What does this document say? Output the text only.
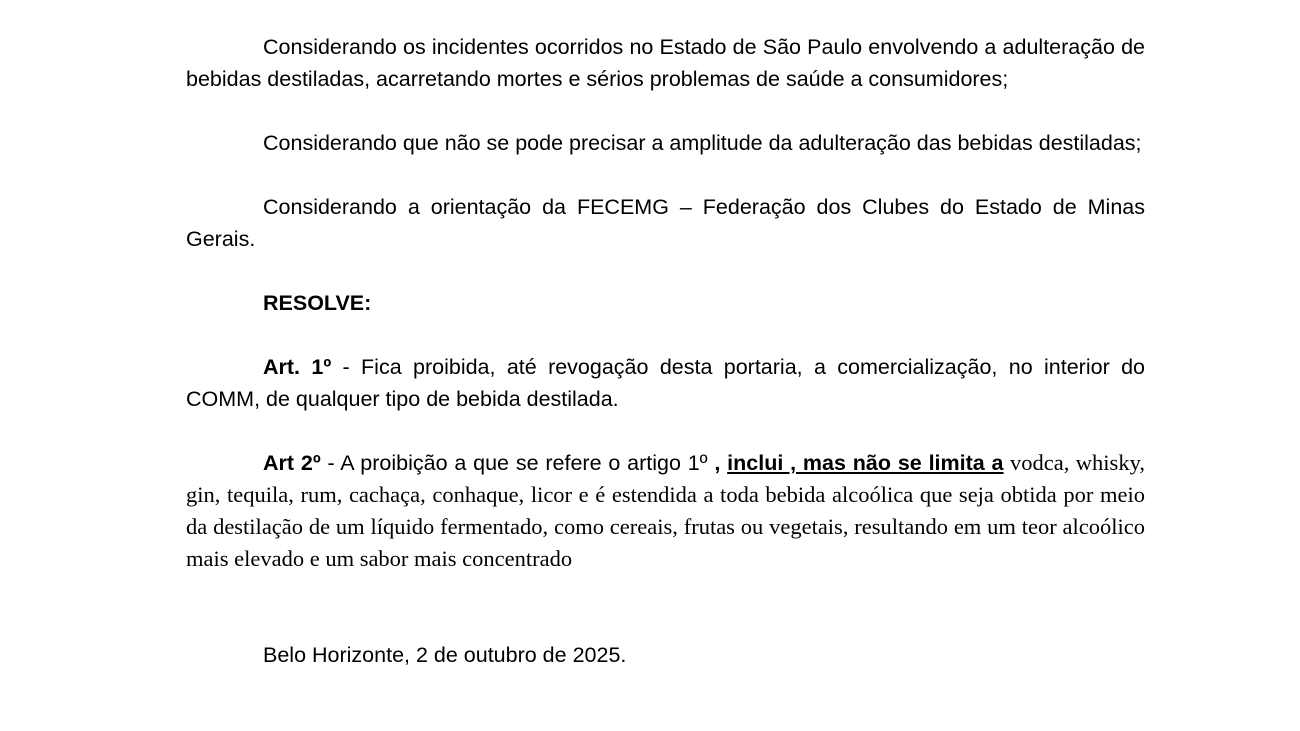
Considerando os incidentes ocorridos no Estado de São Paulo envolvendo a adulteração de bebidas destiladas, acarretando mortes e sérios problemas de saúde a consumidores;

Considerando que não se pode precisar a amplitude da adulteração das bebidas destiladas;

Considerando a orientação da FECEMG – Federação dos Clubes do Estado de Minas Gerais.

RESOLVE:

Art. 1º - Fica proibida, até revogação desta portaria, a comercialização, no interior do COMM, de qualquer tipo de bebida destilada.

Art 2º - A proibição a que se refere o artigo 1º , inclui , mas não se limita a vodca, whisky, gin, tequila, rum, cachaça, conhaque, licor e é estendida a toda bebida alcoólica que seja obtida por meio da destilação de um líquido fermentado, como cereais, frutas ou vegetais, resultando em um teor alcoólico mais elevado e um sabor mais concentrado

Belo Horizonte, 2 de outubro de 2025.
